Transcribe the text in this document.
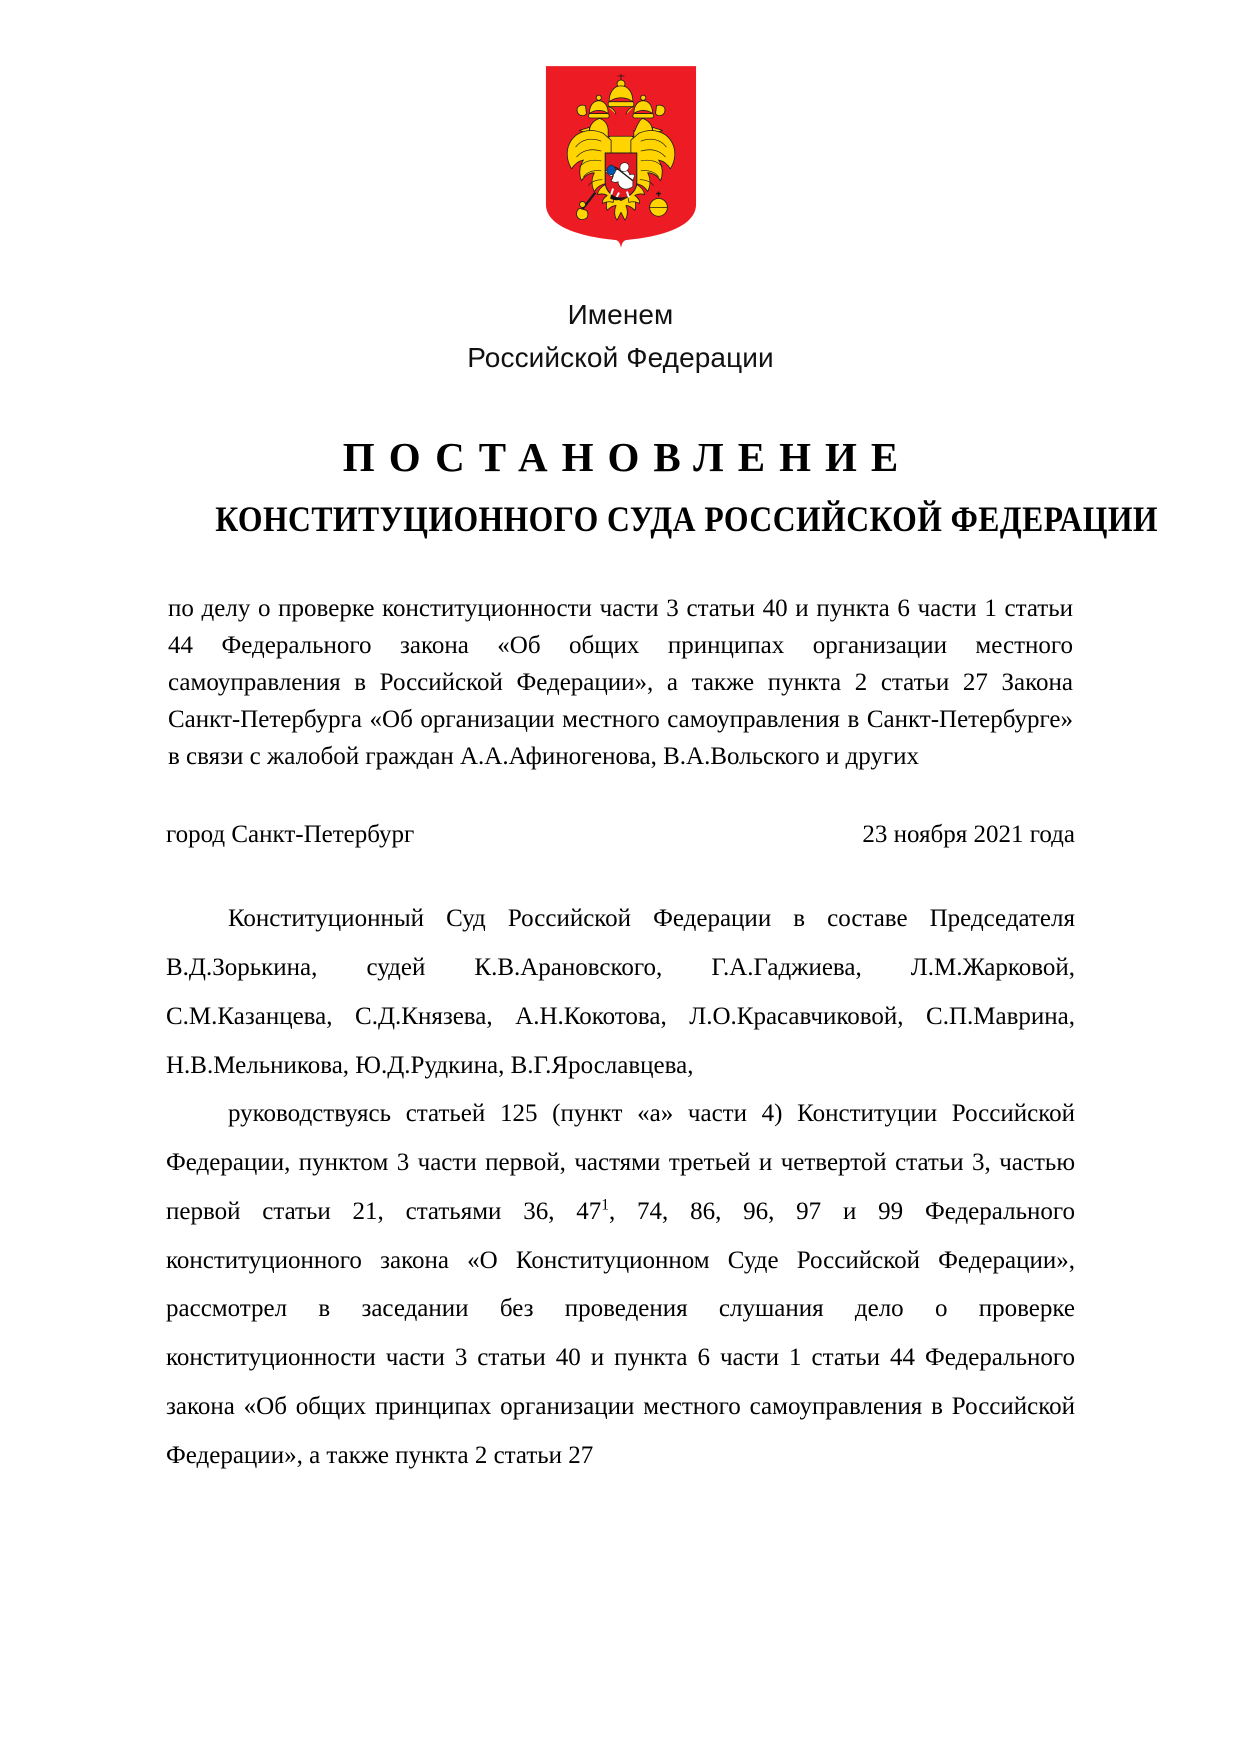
Именем
Российской Федерации
ПОСТАНОВЛЕНИЕ
КОНСТИТУЦИОННОГО СУДА РОССИЙСКОЙ ФЕДЕРАЦИИ
по делу о проверке конституционности части 3 статьи 40 и пункта 6 части 1 статьи 44 Федерального закона «Об общих принципах организации местного самоуправления в Российской Федерации», а также пункта 2 статьи 27 Закона Санкт-Петербурга «Об организации местного самоуправления в Санкт-Петербурге» в связи с жалобой граждан А.А.Афиногенова, В.А.Вольского и других
город Санкт-Петербург	23 ноября 2021 года

Конституционный Суд Российской Федерации в составе Председателя В.Д.Зорькина, судей К.В.Арановского, Г.А.Гаджиева, Л.М.Жарковой, С.М.Казанцева, С.Д.Князева, А.Н.Кокотова, Л.О.Красавчиковой, С.П.Маврина, Н.В.Мельникова, Ю.Д.Рудкина, В.Г.Ярославцева,

руководствуясь статьей 125 (пункт «а» части 4) Конституции Российской Федерации, пунктом 3 части первой, частями третьей и четвертой статьи 3, частью первой статьи 21, статьями 36, 47$^1$, 74, 86, 96, 97 и 99 Федерального конституционного закона «О Конституционном Суде Российской Федерации», рассмотрел в заседании без проведения слушания дело о проверке конституционности части 3 статьи 40 и пункта 6 части 1 статьи 44 Федерального закона «Об общих принципах организации местного самоуправления в Российской Федерации», а также пункта 2 статьи 27
